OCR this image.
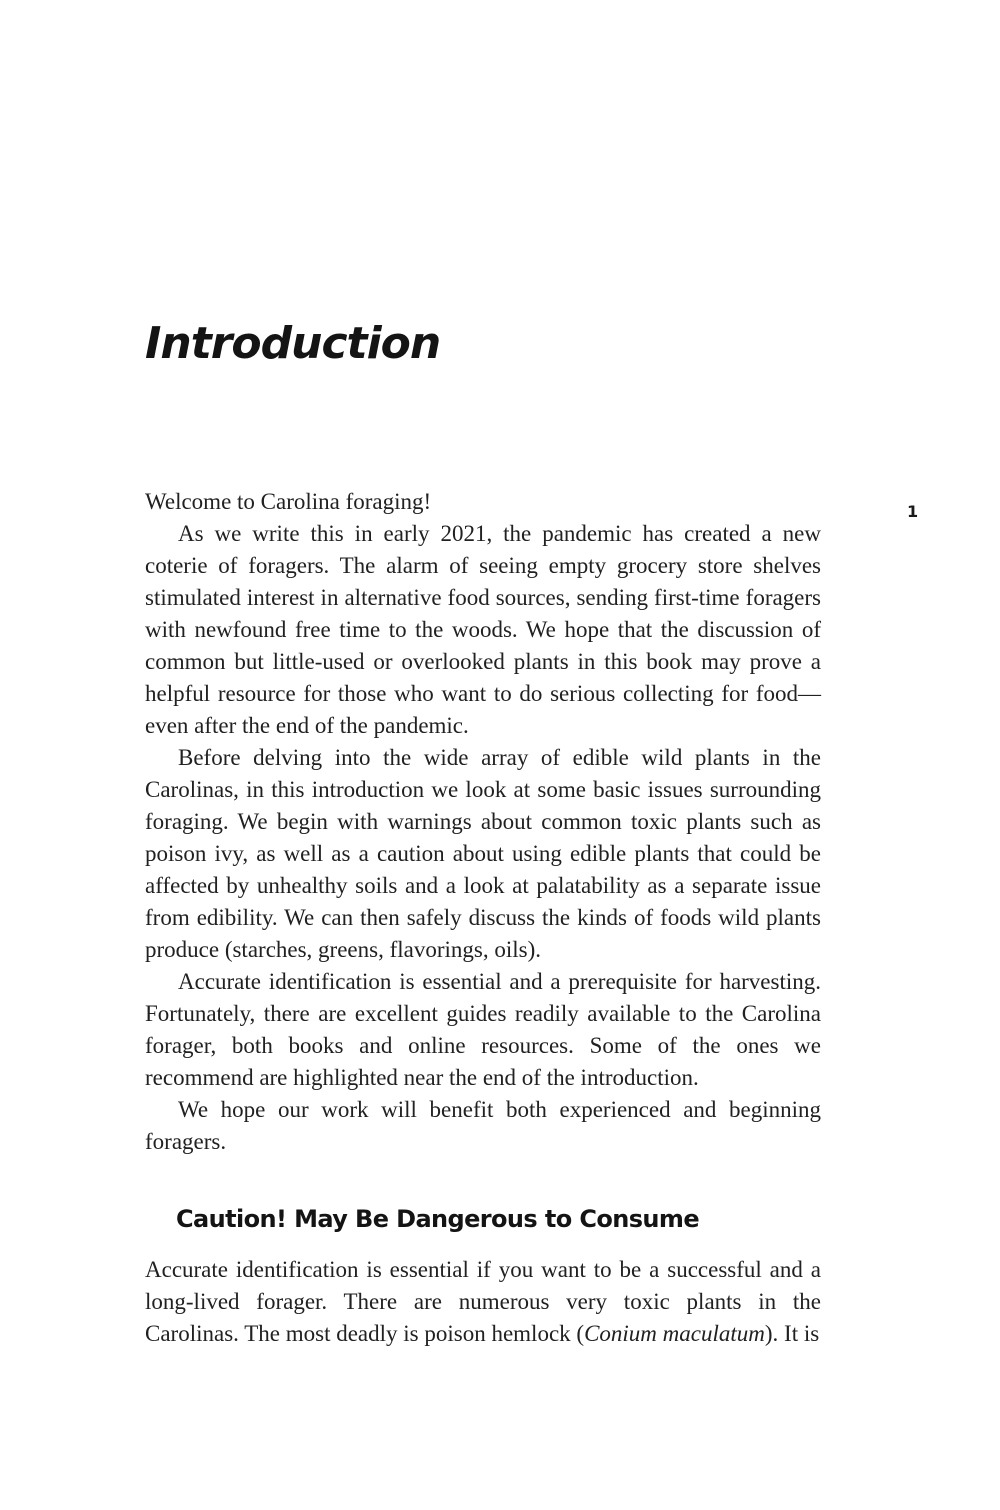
1
Introduction

Welcome to Carolina foraging!

As we write this in early 2021, the pandemic has created a new coterie of foragers. The alarm of seeing empty grocery store shelves stimulated interest in alternative food sources, sending first-time foragers with newfound free time to the woods. We hope that the discussion of common but little-used or overlooked plants in this book may prove a helpful resource for those who want to do serious collecting for food—even after the end of the pandemic.

Before delving into the wide array of edible wild plants in the Carolinas, in this introduction we look at some basic issues surrounding foraging. We begin with warnings about common toxic plants such as poison ivy, as well as a caution about using edible plants that could be affected by unhealthy soils and a look at palatability as a separate issue from edibility. We can then safely discuss the kinds of foods wild plants produce (starches, greens, flavorings, oils).

Accurate identification is essential and a prerequisite for harvesting. Fortunately, there are excellent guides readily available to the Carolina forager, both books and online resources. Some of the ones we recommend are highlighted near the end of the introduction.

We hope our work will benefit both experienced and beginning foragers.

Caution! May Be Dangerous to Consume

Accurate identification is essential if you want to be a successful and a long-lived forager. There are numerous very toxic plants in the Carolinas. The most deadly is poison hemlock (Conium maculatum). It is
